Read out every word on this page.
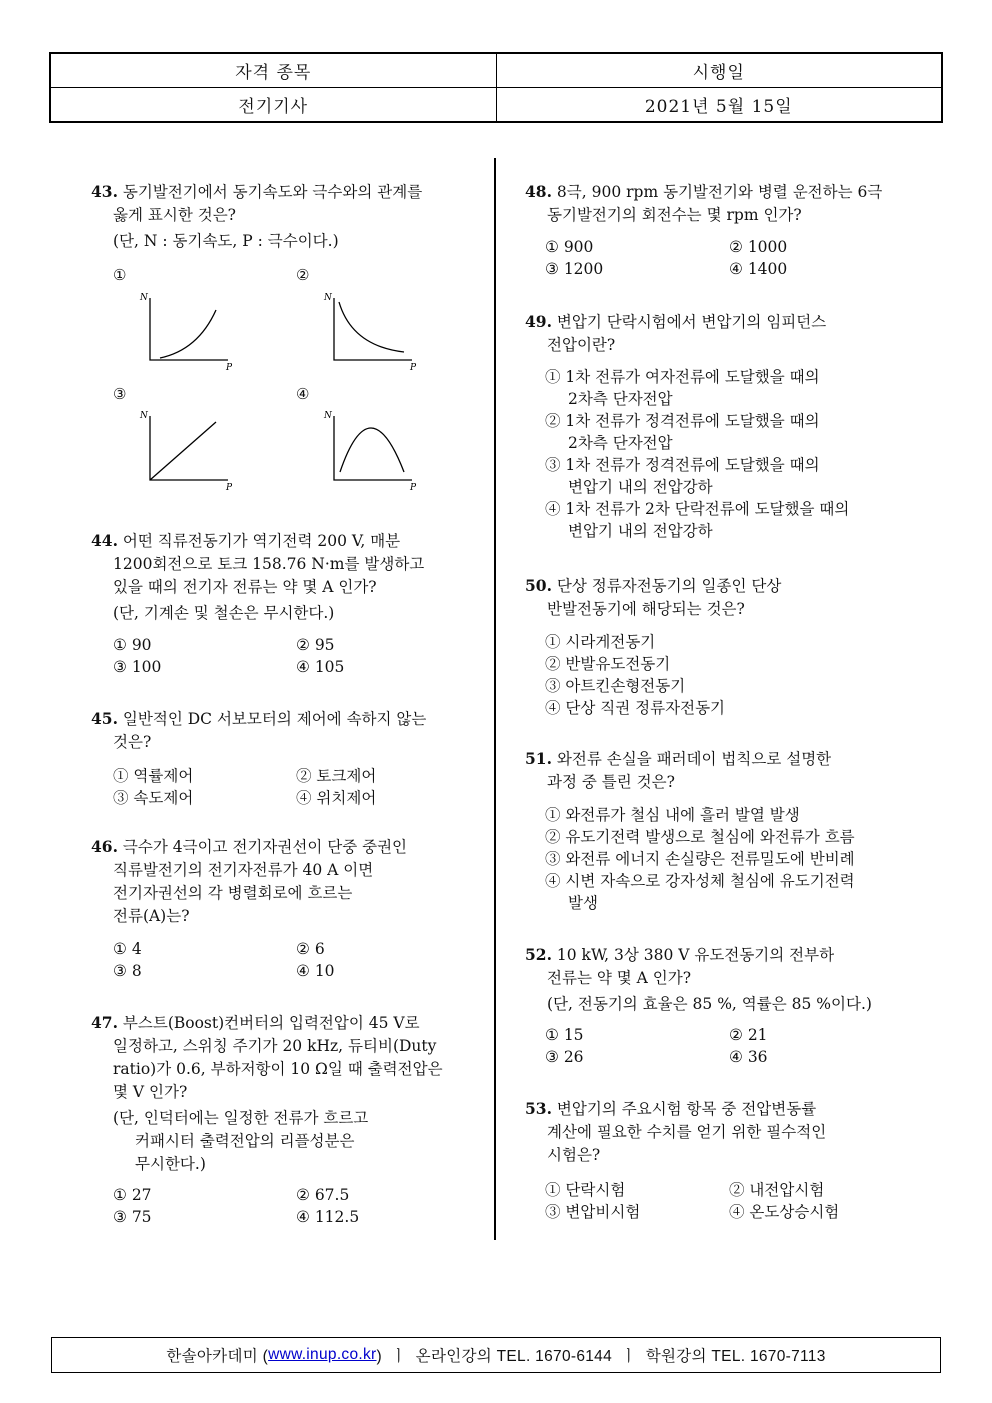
자격 종목	시행일
전기기사	2021년 5월 15일
43. 동기발전기에서 동기속도와 극수와의 관계를
옳게 표시한 것은?
(단, N : 동기속도, P : 극수이다.)
①	②
③	④
N
P
N
P
N
P
N
P
44. 어떤 직류전동기가 역기전력 200 V, 매분
1200회전으로 토크 158.76 N·m를 발생하고
있을 때의 전기자 전류는 약 몇 A 인가?
(단, 기계손 및 철손은 무시한다.)
① 90	② 95
③ 100	④ 105
45. 일반적인 DC 서보모터의 제어에 속하지 않는
것은?
① 역률제어	② 토크제어
③ 속도제어	④ 위치제어
46. 극수가 4극이고 전기자권선이 단중 중권인
직류발전기의 전기자전류가 40 A 이면
전기자권선의 각 병렬회로에 흐르는
전류(A)는?
① 4	② 6
③ 8	④ 10
47. 부스트(Boost)컨버터의 입력전압이 45 V로
일정하고, 스위칭 주기가 20 kHz, 듀티비(Duty
ratio)가 0.6, 부하저항이 10 Ω일 때 출력전압은
몇 V 인가?
(단, 인덕터에는 일정한 전류가 흐르고
커패시터 출력전압의 리플성분은
무시한다.)
① 27	② 67.5
③ 75	④ 112.5
48. 8극, 900 rpm 동기발전기와 병렬 운전하는 6극
동기발전기의 회전수는 몇 rpm 인가?
① 900	② 1000
③ 1200	④ 1400
49. 변압기 단락시험에서 변압기의 임피던스
전압이란?
① 1차 전류가 여자전류에 도달했을 때의
2차측 단자전압
② 1차 전류가 정격전류에 도달했을 때의
2차측 단자전압
③ 1차 전류가 정격전류에 도달했을 때의
변압기 내의 전압강하
④ 1차 전류가 2차 단락전류에 도달했을 때의
변압기 내의 전압강하
50. 단상 정류자전동기의 일종인 단상
반발전동기에 해당되는 것은?
① 시라게전동기
② 반발유도전동기
③ 아트킨손형전동기
④ 단상 직권 정류자전동기
51. 와전류 손실을 패러데이 법칙으로 설명한
과정 중 틀린 것은?
① 와전류가 철심 내에 흘러 발열 발생
② 유도기전력 발생으로 철심에 와전류가 흐름
③ 와전류 에너지 손실량은 전류밀도에 반비례
④ 시변 자속으로 강자성체 철심에 유도기전력
발생
52. 10 kW, 3상 380 V 유도전동기의 전부하
전류는 약 몇 A 인가?
(단, 전동기의 효율은 85 %, 역률은 85 %이다.)
① 15	② 21
③ 26	④ 36
53. 변압기의 주요시험 항목 중 전압변동률
계산에 필요한 수치를 얻기 위한 필수적인
시험은?
① 단락시험	② 내전압시험
③ 변압비시험	④ 온도상승시험
한솔아카데미 ( www.inup.co.kr )  ㅣ  온라인강의 TEL. 1670-6144  ㅣ  학원강의 TEL. 1670-7113
